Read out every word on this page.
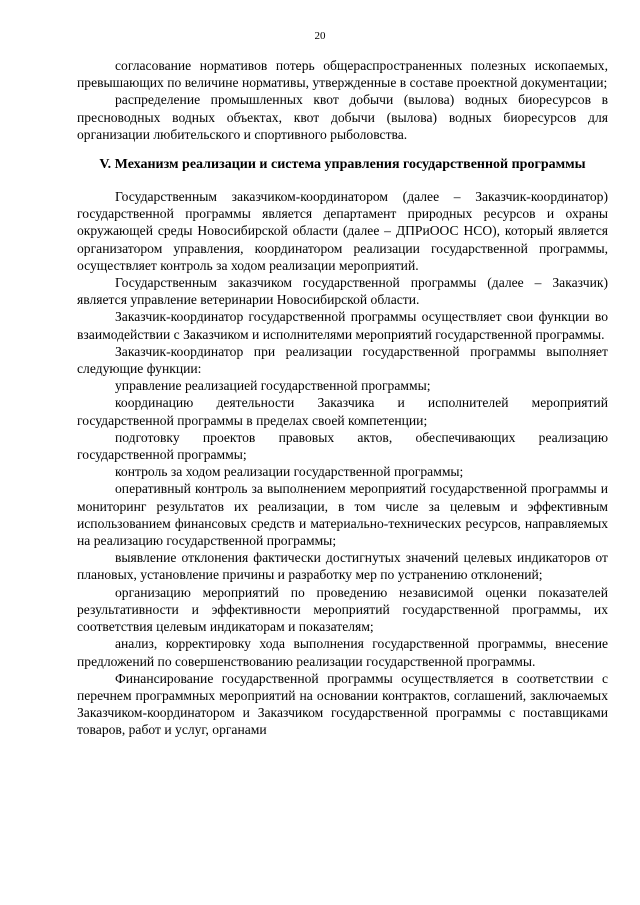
20

согласование нормативов потерь общераспространенных полезных ископаемых, превышающих по величине нормативы, утвержденные в составе проектной документации;

распределение промышленных квот добычи (вылова) водных биоресурсов в пресноводных водных объектах, квот добычи (вылова) водных биоресурсов для организации любительского и спортивного рыболовства.

V. Механизм реализации и система управления государственной программы

Государственным заказчиком-координатором (далее – Заказчик-координатор) государственной программы является департамент природных ресурсов и охраны окружающей среды Новосибирской области (далее – ДПРиООС НСО), который является организатором управления, координатором реализации государственной программы, осуществляет контроль за ходом реализации мероприятий.

Государственным заказчиком государственной программы (далее – Заказчик) является управление ветеринарии Новосибирской области.

Заказчик-координатор государственной программы осуществляет свои функции во взаимодействии с Заказчиком и исполнителями мероприятий государственной программы.

Заказчик-координатор при реализации государственной программы выполняет следующие функции:

управление реализацией государственной программы;

координацию деятельности Заказчика и исполнителей мероприятий государственной программы в пределах своей компетенции;

подготовку проектов правовых актов, обеспечивающих реализацию государственной программы;

контроль за ходом реализации государственной программы;

оперативный контроль за выполнением мероприятий государственной программы и мониторинг результатов их реализации, в том числе за целевым и эффективным использованием финансовых средств и материально-технических ресурсов, направляемых на реализацию государственной программы;

выявление отклонения фактически достигнутых значений целевых индикаторов от плановых, установление причины и разработку мер по устранению отклонений;

организацию мероприятий по проведению независимой оценки показателей результативности и эффективности мероприятий государственной программы, их соответствия целевым индикаторам и показателям;

анализ, корректировку хода выполнения государственной программы, внесение предложений по совершенствованию реализации государственной программы.

Финансирование государственной программы осуществляется в соответствии с перечнем программных мероприятий на основании контрактов, соглашений, заключаемых Заказчиком-координатором и Заказчиком государственной программы с поставщиками товаров, работ и услуг, органами
